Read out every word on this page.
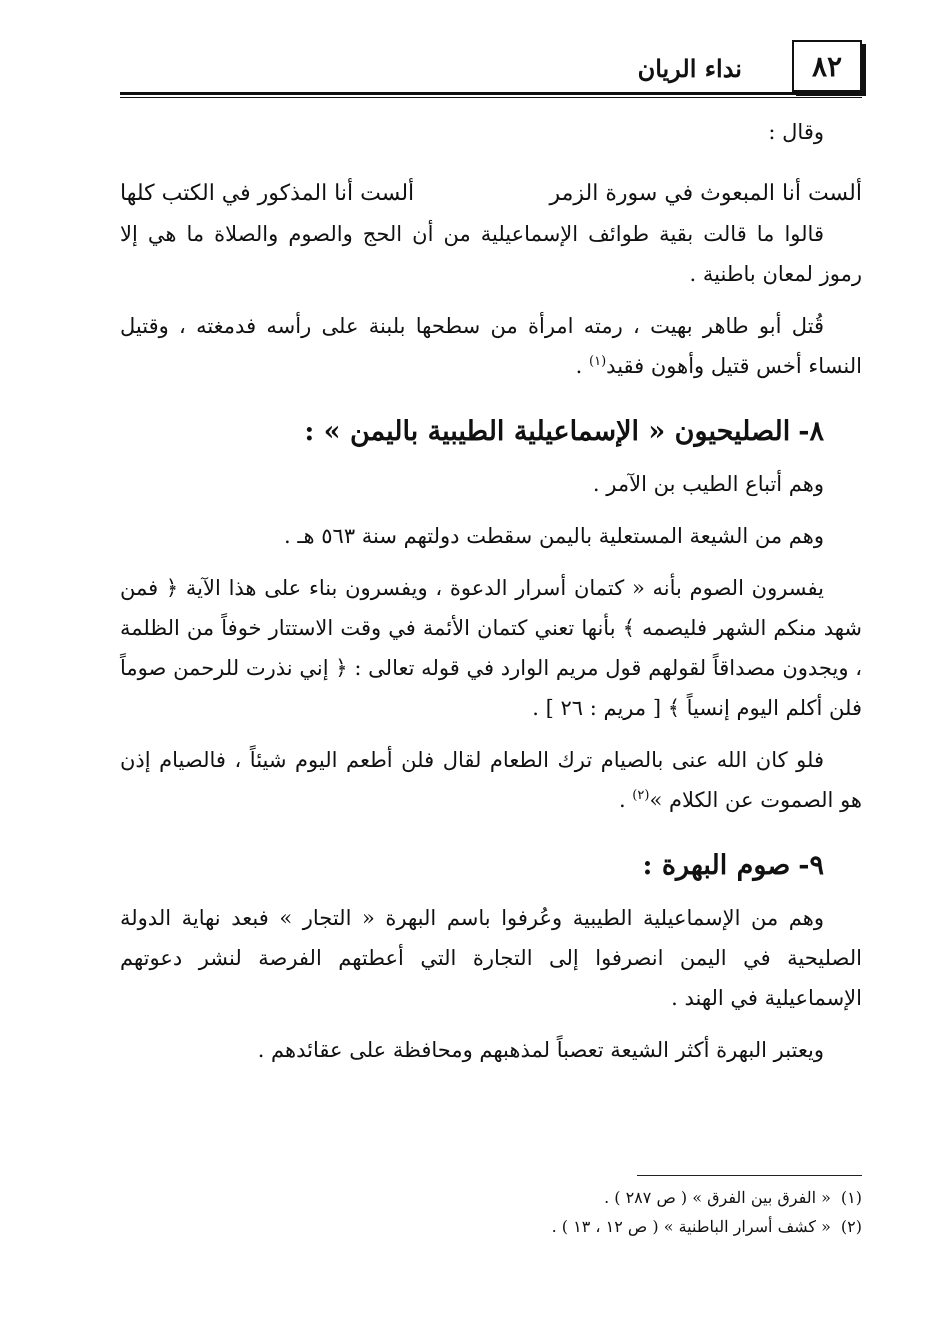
٨٢
نداء الريان

وقال :

ألست أنا المبعوث في سورة الزمر
ألست أنا المذكور في الكتب كلها

قالوا ما قالت بقية طوائف الإسماعيلية من أن الحج والصوم والصلاة ما هي إلا رموز لمعان باطنية .

قُتل أبو طاهر بهيت ، رمته امرأة من سطحها بلبنة على رأسه فدمغته ، وقتيل النساء أخس قتيل وأهون فقيد$^{(١)}$ .

٨-الصليحيون « الإسماعيلية الطيبية باليمن » :

وهم أتباع الطيب بن الآمر .

وهم من الشيعة المستعلية باليمن سقطت دولتهم سنة ٥٦٣ هـ .

يفسرون الصوم بأنه « كتمان أسرار الدعوة ، ويفسرون بناء على هذا الآية ﴿ فمن شهد منكم الشهر فليصمه ﴾ بأنها تعني كتمان الأئمة في وقت الاستتار خوفاً من الظلمة ، ويجدون مصداقاً لقولهم قول مريم الوارد في قوله تعالى : ﴿ إني نذرت للرحمن صوماً فلن أكلم اليوم إنسياً ﴾ [ مريم : ٢٦ ] .

فلو كان الله عنى بالصيام ترك الطعام لقال فلن أطعم اليوم شيئاً ، فالصيام إذن هو الصموت عن الكلام »$^{(٢)}$ .

٩-صوم البهرة :

وهم من الإسماعيلية الطيبية وعُرفوا باسم البهرة « التجار » فبعد نهاية الدولة الصليحية في اليمن انصرفوا إلى التجارة التي أعطتهم الفرصة لنشر دعوتهم الإسماعيلية في الهند .

ويعتبر البهرة أكثر الشيعة تعصباً لمذهبهم ومحافظة على عقائدهم .

(١)« الفرق بين الفرق » ( ص ٢٨٧ ) .

(٢)« كشف أسرار الباطنية » ( ص ١٢ ، ١٣ ) .
